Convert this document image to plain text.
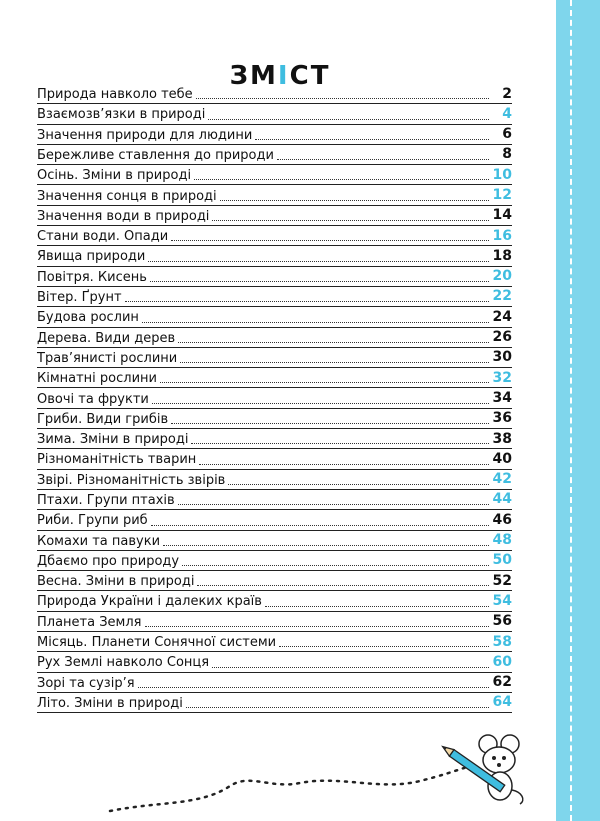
ЗМІСТ
Природа навколо тебе	2
Взаємозв’язки в природі	4
Значення природи для людини	6
Бережливе ставлення до природи	8
Осінь. Зміни в природі	10
Значення сонця в природі	12
Значення води в природі	14
Стани води. Опади	16
Явища природи	18
Повітря. Кисень	20
Вітер. Ґрунт	22
Будова рослин	24
Дерева. Види дерев	26
Трав’янисті рослини	30
Кімнатні рослини	32
Овочі та фрукти	34
Гриби. Види грибів	36
Зима. Зміни в природі	38
Різноманітність тварин	40
Звірі. Різноманітність звірів	42
Птахи. Групи птахів	44
Риби. Групи риб	46
Комахи та павуки	48
Дбаємо про природу	50
Весна. Зміни в природі	52
Природа України і далеких країв	54
Планета Земля	56
Місяць. Планети Сонячної системи	58
Рух Землі навколо Сонця	60
Зорі та сузір’я	62
Літо. Зміни в природі	64
